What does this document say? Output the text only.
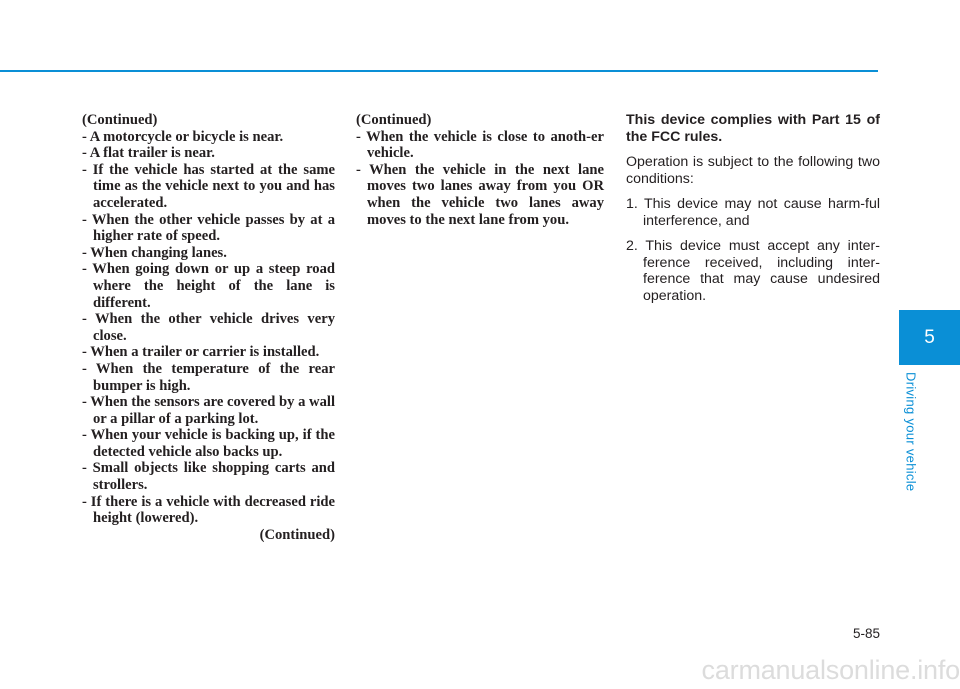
(Continued)

- A motorcycle or bicycle is near.

- A flat trailer is near.

- If the vehicle has started at the same time as the vehicle next to you and has accelerated.

- When the other vehicle passes by at a higher rate of speed.

- When changing lanes.

- When going down or up a steep road where the height of the lane is different.

- When the other vehicle drives very close.

- When a trailer or carrier is installed.

- When the temperature of the rear bumper is high.

- When the sensors are covered by a wall or a pillar of a parking lot.

- When your vehicle is backing up, if the detected vehicle also backs up.

- Small objects like shopping carts and strollers.

- If there is a vehicle with decreased ride height (lowered).

(Continued)

(Continued)

- When the vehicle is close to anoth-er vehicle.

- When the vehicle in the next lane moves two lanes away from you OR when the vehicle two lanes away moves to the next lane from you.

This device complies with Part 15 of the FCC rules.

Operation is subject to the following two conditions:

1. This device may not cause harm-ful interference, and

2. This device must accept any inter-ference received, including inter-ference that may cause undesired operation.

5
Driving your vehicle
5-85
carmanualsonline.info
